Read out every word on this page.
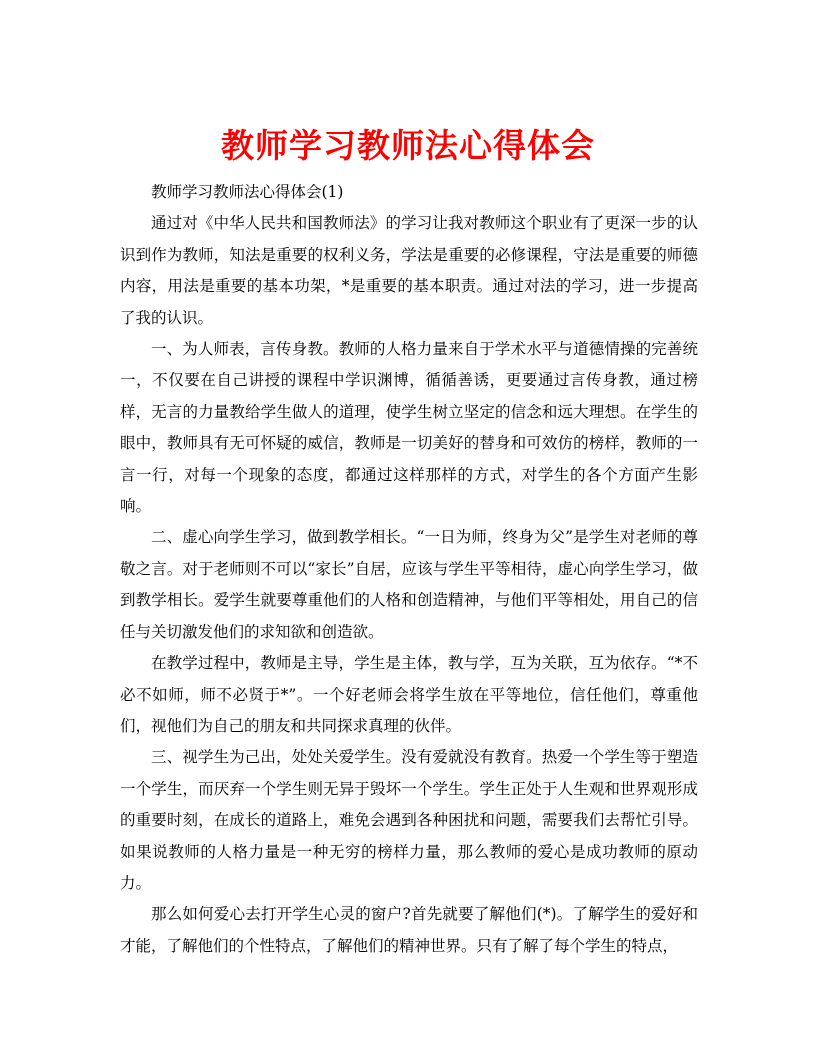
教师学习教师法心得体会

教师学习教师法心得体会(1)

通过对《中华人民共和国教师法》的学习让我对教师这个职业有了更深一步的认识到作为教师，知法是重要的权利义务，学法是重要的必修课程，守法是重要的师德内容，用法是重要的基本功架，*是重要的基本职责。通过对法的学习，进一步提高了我的认识。

一、为人师表，言传身教。教师的人格力量来自于学术水平与道德情操的完善统一，不仅要在自己讲授的课程中学识渊博，循循善诱，更要通过言传身教，通过榜样，无言的力量教给学生做人的道理，使学生树立坚定的信念和远大理想。在学生的眼中，教师具有无可怀疑的威信，教师是一切美好的替身和可效仿的榜样，教师的一言一行，对每一个现象的态度，都通过这样那样的方式，对学生的各个方面产生影响。

二、虚心向学生学习，做到教学相长。“一日为师，终身为父”是学生对老师的尊敬之言。对于老师则不可以“家长”自居，应该与学生平等相待，虚心向学生学习，做到教学相长。爱学生就要尊重他们的人格和创造精神，与他们平等相处，用自己的信任与关切激发他们的求知欲和创造欲。

在教学过程中，教师是主导，学生是主体，教与学，互为关联，互为依存。“*不必不如师，师不必贤于*”。一个好老师会将学生放在平等地位，信任他们，尊重他们，视他们为自己的朋友和共同探求真理的伙伴。

三、视学生为己出，处处关爱学生。没有爱就没有教育。热爱一个学生等于塑造一个学生，而厌弃一个学生则无异于毁坏一个学生。学生正处于人生观和世界观形成的重要时刻，在成长的道路上，难免会遇到各种困扰和问题，需要我们去帮忙引导。如果说教师的人格力量是一种无穷的榜样力量，那么教师的爱心是成功教师的原动力。

那么如何爱心去打开学生心灵的窗户?首先就要了解他们(*)。了解学生的爱好和才能，了解他们的个性特点，了解他们的精神世界。只有了解了每个学生的特点，
